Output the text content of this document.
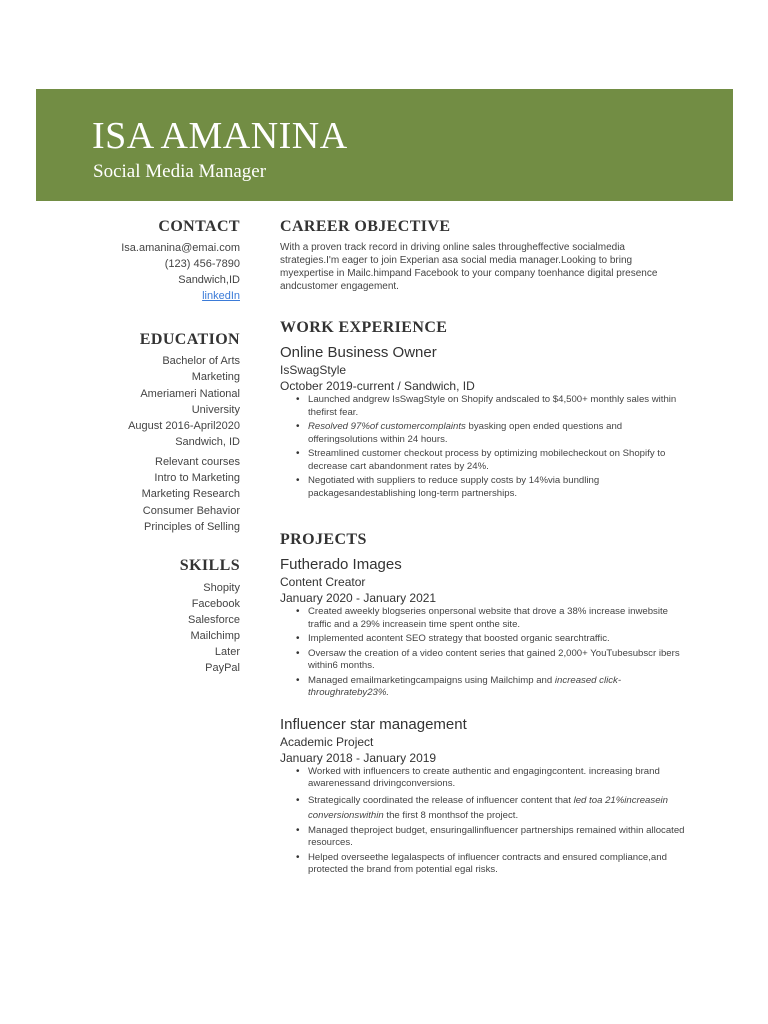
ISA AMANINA
Social Media Manager
CONTACT
Isa.amanina@emai.com
(123) 456-7890
Sandwich,ID
linkedIn
EDUCATION
Bachelor of Arts
Marketing
Ameriameri National
University
August 2016-April2020
Sandwich, ID
Relevant courses
Intro to Marketing
Marketing Research
Consumer Behavior
Principles of Selling
SKILLS
Shopity
Facebook
Salesforce
Mailchimp
Later
PayPal
CAREER OBJECTIVE
With a proven track record in driving online sales througheffective socialmedia strategies.I'm eager to join Experian asa social media manager.Looking to bring myexpertise in Mailc.himpand Facebook to your company toenhance digital presence andcustomer engagement.
WORK EXPERIENCE
Online Business Owner
IsSwagStyle
October 2019-current / Sandwich, ID
• Launched andgrew IsSwagStyle on Shopify andscaled to $4,500+ monthly sales within thefirst fear.
• Resolved 97%of customercomplaints byasking open ended questions and offeringsolutions within 24 hours.
• Streamlined customer checkout process by optimizing mobilecheckout on Shopify to decrease cart abandonment rates by 24%.
• Negotiated with suppliers to reduce supply costs by 14%via bundling packagesandestablishing long-term partnerships.
PROJECTS
Futherado Images
Content Creator
January 2020 - January 2021
• Created aweekly blogseries onpersonal website that drove a 38% increase inwebsite traffic and a 29% increasein time spent onthe site.
• Implemented acontent SEO strategy that boosted organic searchtraffic.
• Oversaw the creation of a video content series that gained 2,000+ YouTubesubscr ibers within6 months.
• Managed emailmarketingcampaigns using Mailchimp and increased click-throughrateby23%.
Influencer star management
Academic Project
January 2018 - January 2019
• Worked with influencers to create authentic and engagingcontent. increasing brand awarenessand drivingconversions.
• Strategically coordinated the release of influencer content that led toa 21%increasein conversionswithin the first 8 monthsof the project.
• Managed theproject budget, ensuringallinfluencer partnerships remained within allocated resources.
• Helped overseethe legalaspects of influencer contracts and ensured compliance,and protected the brand from potential egal risks.
